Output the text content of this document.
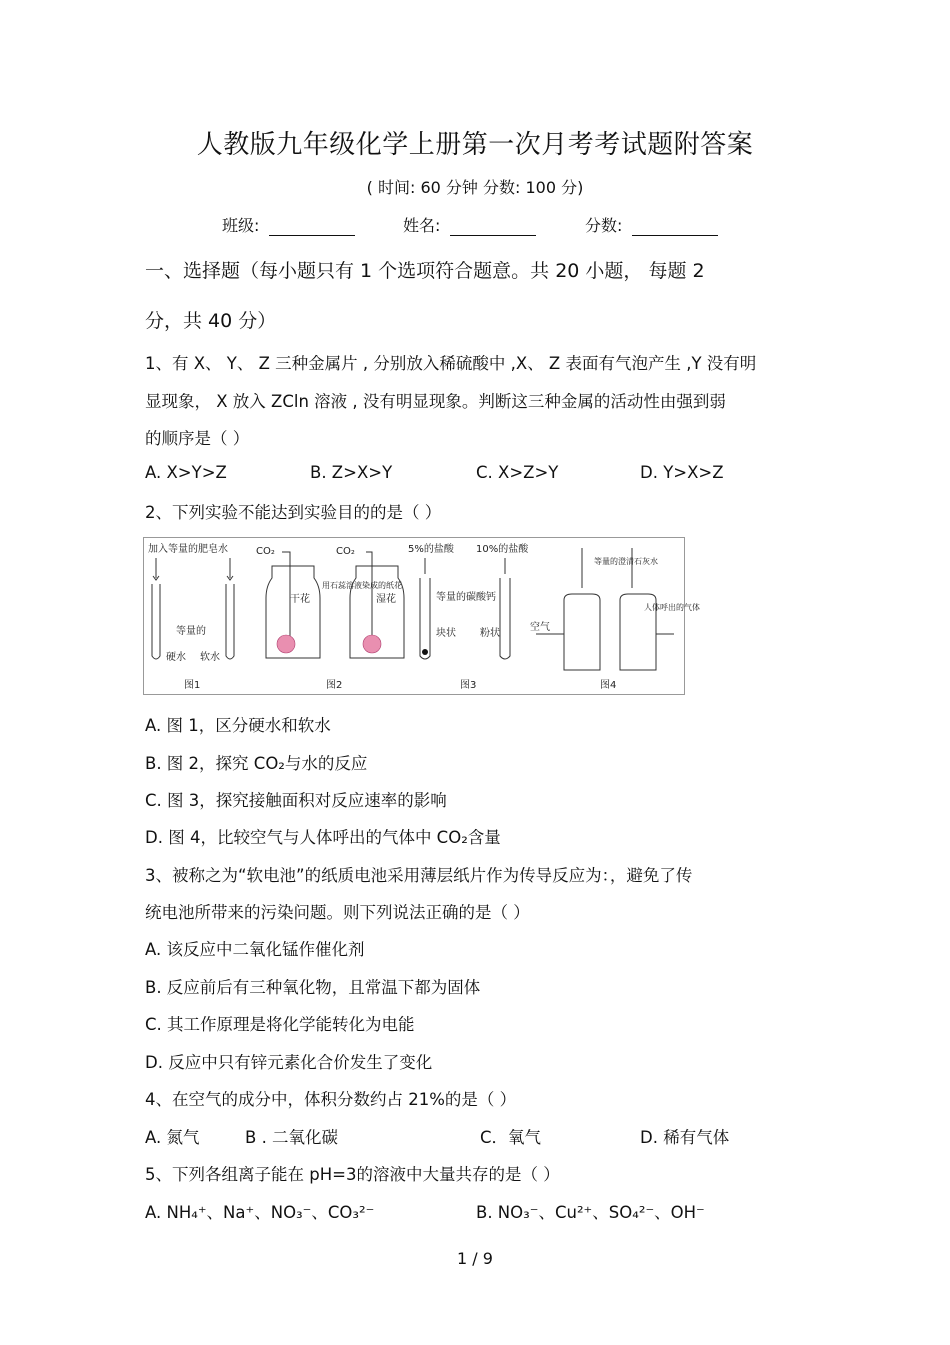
人教版九年级化学上册第一次月考考试题附答案
( 时间: 60 分钟 分数: 100 分)
班级:	姓名:	分数:
一、选择题（每小题只有 1 个选项符合题意。共 20 小题， 每题 2
分，共 40 分）
1、有 X、 Y、 Z 三种金属片 , 分别放入稀硫酸中 ,X、 Z 表面有气泡产生 ,Y 没有明
显现象， X 放入 ZCln 溶液 , 没有明显现象。判断这三种金属的活动性由强到弱
的顺序是（ ）
A. X>Y>Z	B. Z>X>Y	C. X>Z>Y	D. Y>X>Z
2、下列实验不能达到实验目的的是（ ）
加入等量的肥皂水
等量的
硬水 软水
图1
CO₂	CO₂
干花	湿花
用石蕊溶液染成的纸花
图2
5%的盐酸 10%的盐酸
等量的碳酸钙
块状 粉状
图3
等量的澄清石灰水
空气
人体呼出的气体
图4
A. 图 1，区分硬水和软水
B. 图 2，探究 CO₂与水的反应
C. 图 3，探究接触面积对反应速率的影响
D. 图 4，比较空气与人体呼出的气体中 CO₂含量
3、被称之为“软电池”的纸质电池采用薄层纸片作为传导反应为：，避免了传
统电池所带来的污染问题。则下列说法正确的是（ ）
A. 该反应中二氧化锰作催化剂
B. 反应前后有三种氧化物，且常温下都为固体
C. 其工作原理是将化学能转化为电能
D. 反应中只有锌元素化合价发生了变化
4、在空气的成分中，体积分数约占 21%的是（ ）
A. 氮气	B . 二氧化碳	C．氧气	D. 稀有气体
5、下列各组离子能在 pH=3的溶液中大量共存的是（ ）
A. NH₄⁺、Na⁺、NO₃⁻、CO₃²⁻	B. NO₃⁻、Cu²⁺、SO₄²⁻、OH⁻
1 / 9
